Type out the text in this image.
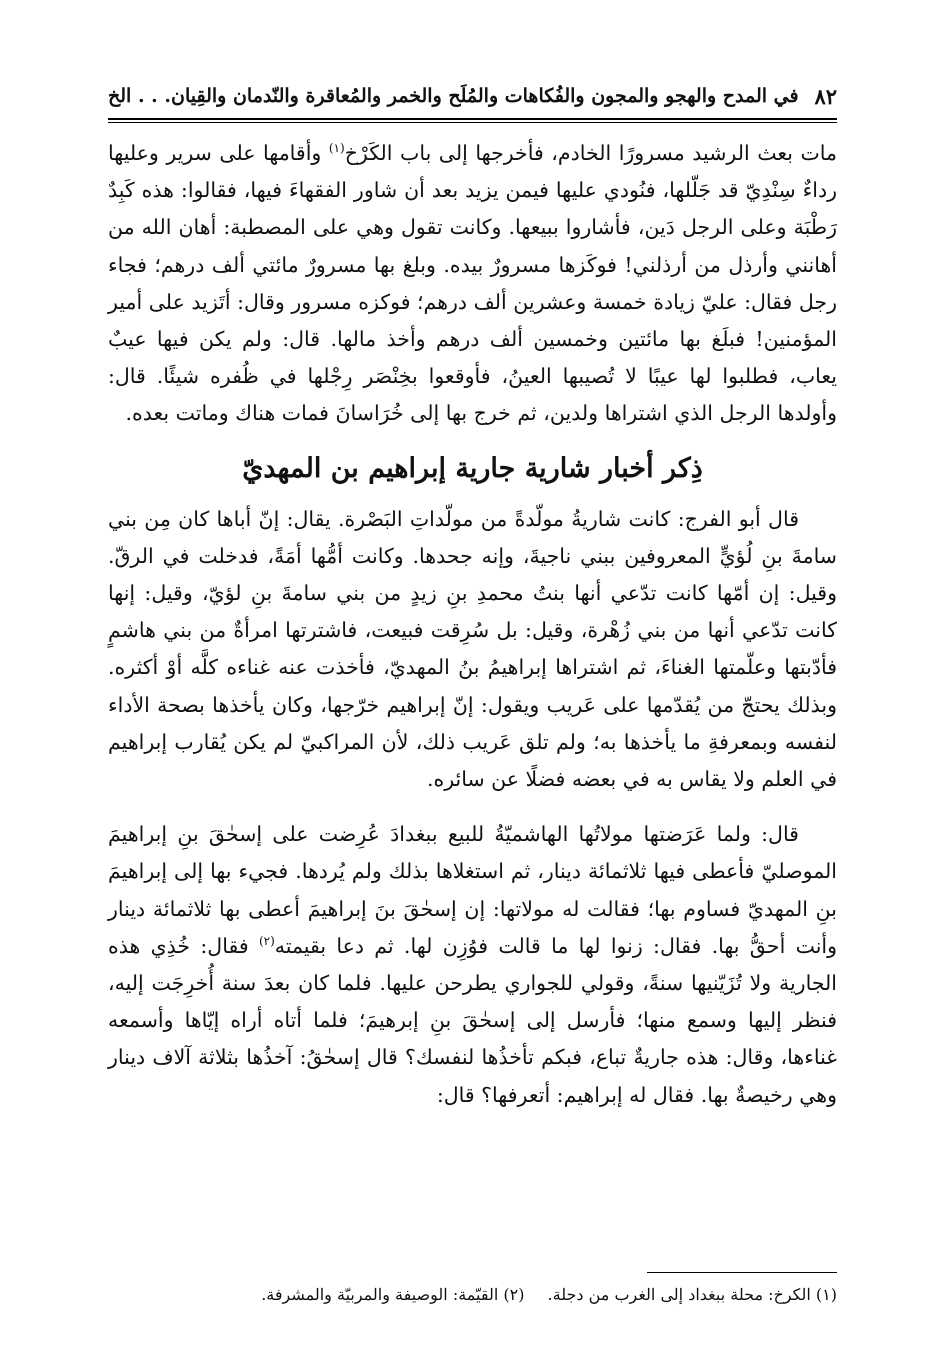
٨٢
في المدح والهجو والمجون والفُكاهات والمُلَح والخمر والمُعاقرة والنّدمان والقِيان. . . الخ

مات بعث الرشيد مسرورًا الخادم، فأخرجها إلى باب الكَرْخ$^{(١)}$ وأقامها على سرير وعليها رداءٌ سِنْدِيّ قد جَلّلها، فنُودي عليها فيمن يزيد بعد أن شاور الفقهاءَ فيها، فقالوا: هذه كَبِدٌ رَطْبَة وعلى الرجل دَين، فأشاروا ببيعها. وكانت تقول وهي على المصطبة: أهان الله من أهانني وأرذل من أرذلني! فوكَزها مسرورٌ بيده. وبلغ بها مسرورٌ مائتي ألف درهم؛ فجاء رجل فقال: عليّ زيادة خمسة وعشرين ألف درهم؛ فوكزه مسرور وقال: أتَزيد على أمير المؤمنين! فبلَغ بها مائتين وخمسين ألف درهم وأخذ مالها. قال: ولم يكن فيها عيبٌ يعاب، فطلبوا لها عيبًا لا تُصيبها العينُ، فأوقعوا بخِنْصَر رِجْلها في ظُفره شيئًا. قال: وأولدها الرجل الذي اشتراها ولدين، ثم خرج بها إلى خُرَاسانَ فمات هناك وماتت بعده.

ذِكر أخبار شارية جارية إبراهيم بن المهديّ

قال أبو الفرج: كانت شاريةُ مولّدةً من مولّداتِ البَصْرة. يقال: إنّ أباها كان مِن بني سامةَ بنِ لُؤيٍّ المعروفين ببني ناجيةَ، وإنه جحدها. وكانت أمُّها أمَةً، فدخلت في الرقّ. وقيل: إن أمّها كانت تدّعي أنها بنتُ محمدِ بنِ زيدٍ من بني سامةَ بنِ لؤيّ، وقيل: إنها كانت تدّعي أنها من بني زُهْرة، وقيل: بل سُرِقت فبيعت، فاشترتها امرأةٌ من بني هاشمٍ فأدّبتها وعلّمتها الغناءَ، ثم اشتراها إبراهيمُ بنُ المهديّ، فأخذت عنه غناءه كلَّه أوْ أكثره. وبذلك يحتجّ من يُقدّمها على عَريب ويقول: إنّ إبراهيم خرّجها، وكان يأخذها بصحة الأداء لنفسه وبمعرفةِ ما يأخذها به؛ ولم تلق عَريب ذلك، لأن المراكبيّ لم يكن يُقارب إبراهيم في العلم ولا يقاس به في بعضه فضلًا عن سائره.

قال: ولما عَرَضتها مولاتُها الهاشميّةُ للبيع ببغدادَ عُرِضت على إسحٰقَ بنِ إبراهيمَ الموصليّ فأعطى فيها ثلاثمائة دينار، ثم استغلاها بذلك ولم يُردها. فجيء بها إلى إبراهيمَ بنِ المهديّ فساوم بها؛ فقالت له مولاتها: إن إسحٰقَ بنَ إبراهيمَ أعطى بها ثلاثمائة دينار وأنت أحقُّ بها. فقال: زنوا لها ما قالت فوُزِن لها. ثم دعا بقيمته$^{(٢)}$ فقال: خُذِي هذه الجارية ولا تُزَيّنيها سنةً، وقولي للجواري يطرحن عليها. فلما كان بعدَ سنة أُخرِجَت إليه، فنظر إليها وسمع منها؛ فأرسل إلى إسحٰقَ بنِ إبرهيمَ؛ فلما أتاه أراه إيّاها وأسمعه غناءها، وقال: هذه جاريةٌ تباع، فبكم تأخذُها لنفسك؟ قال إسحٰقُ: آخذُها بثلاثة آلاف دينار وهي رخيصةٌ بها. فقال له إبراهيم: أتعرفها؟ قال:

(١) الكرخ: محلة ببغداد إلى الغرب من دجلة. (٢) القيّمة: الوصيفة والمربيّة والمشرفة.
